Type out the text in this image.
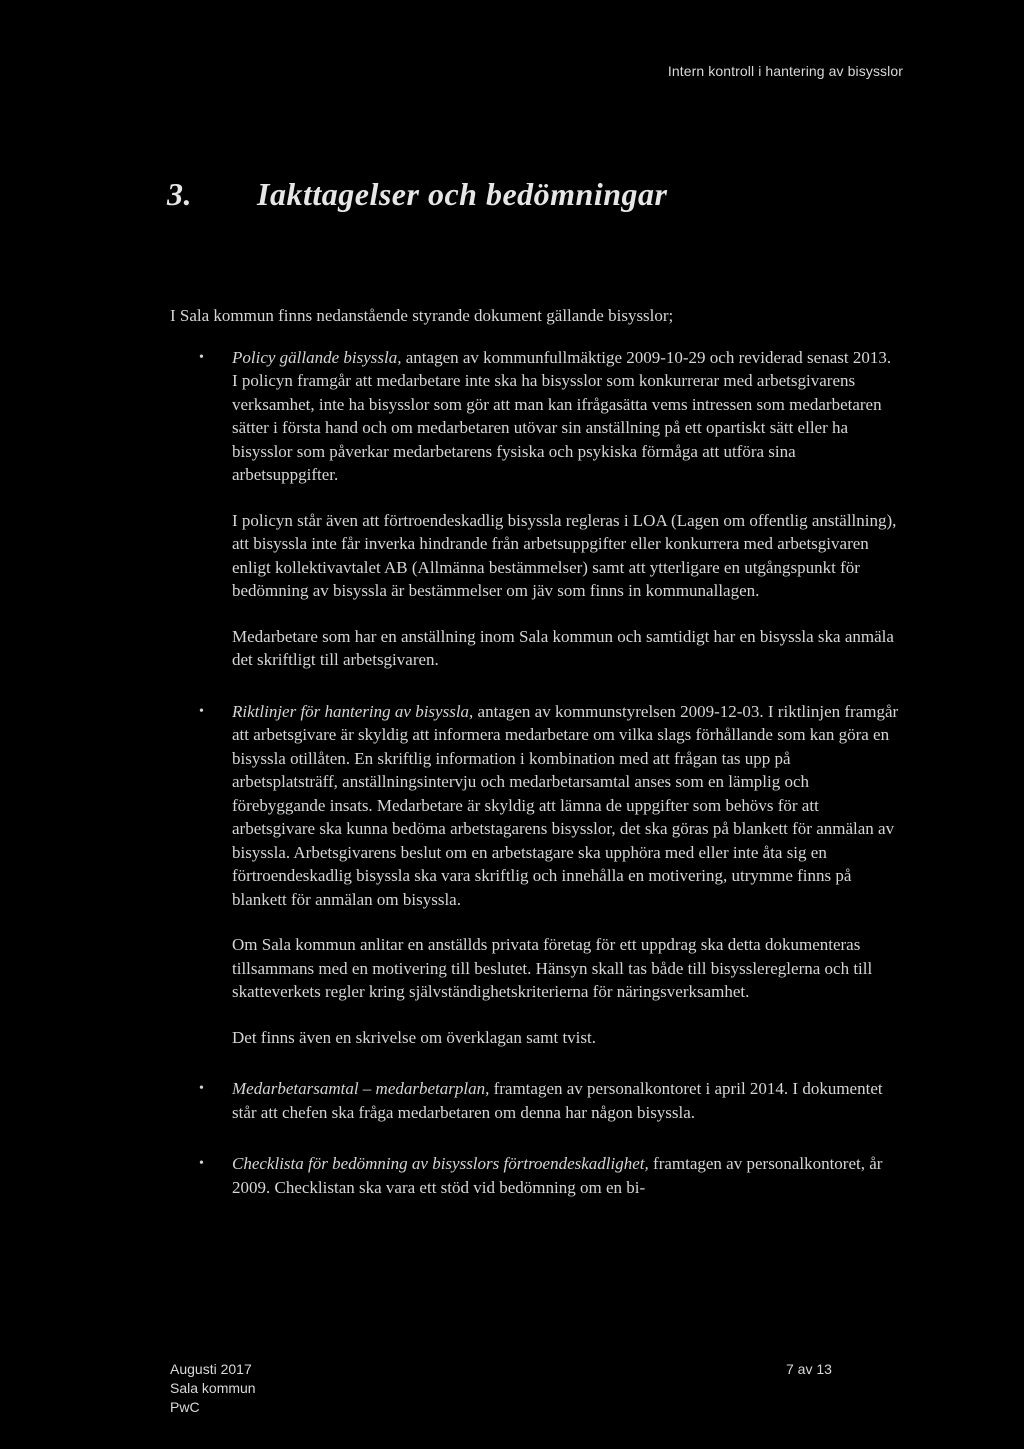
Intern kontroll i hantering av bisysslor
3. Iakttagelser och bedömningar

I Sala kommun finns nedanstående styrande dokument gällande bisysslor;

• Policy gällande bisyssla, antagen av kommunfullmäktige 2009-10-29 och reviderad senast 2013. I policyn framgår att medarbetare inte ska ha bisysslor som konkurrerar med arbetsgivarens verksamhet, inte ha bisysslor som gör att man kan ifrågasätta vems intressen som medarbetaren sätter i första hand och om medarbetaren utövar sin anställning på ett opartiskt sätt eller ha bisysslor som påverkar medarbetarens fysiska och psykiska förmåga att utföra sina arbetsuppgifter.

I policyn står även att förtroendeskadlig bisyssla regleras i LOA (Lagen om offentlig anställning), att bisyssla inte får inverka hindrande från arbetsuppgifter eller konkurrera med arbetsgivaren enligt kollektivavtalet AB (Allmänna bestämmelser) samt att ytterligare en utgångspunkt för bedömning av bisyssla är bestämmelser om jäv som finns in kommunallagen.

Medarbetare som har en anställning inom Sala kommun och samtidigt har en bisyssla ska anmäla det skriftligt till arbetsgivaren.

• Riktlinjer för hantering av bisyssla, antagen av kommunstyrelsen 2009-12-03. I riktlinjen framgår att arbetsgivare är skyldig att informera medarbetare om vilka slags förhållande som kan göra en bisyssla otillåten. En skriftlig information i kombination med att frågan tas upp på arbetsplatsträff, anställningsintervju och medarbetarsamtal anses som en lämplig och förebyggande insats. Medarbetare är skyldig att lämna de uppgifter som behövs för att arbetsgivare ska kunna bedöma arbetstagarens bisysslor, det ska göras på blankett för anmälan av bisyssla. Arbetsgivarens beslut om en arbetstagare ska upphöra med eller inte åta sig en förtroendeskadlig bisyssla ska vara skriftlig och innehålla en motivering, utrymme finns på blankett för anmälan om bisyssla.

Om Sala kommun anlitar en anställds privata företag för ett uppdrag ska detta dokumenteras tillsammans med en motivering till beslutet. Hänsyn skall tas både till bisysslereglerna och till skatteverkets regler kring självständighetskriterierna för näringsverksamhet.

Det finns även en skrivelse om överklagan samt tvist.

• Medarbetarsamtal – medarbetarplan, framtagen av personalkontoret i april 2014. I dokumentet står att chefen ska fråga medarbetaren om denna har någon bisyssla.

• Checklista för bedömning av bisysslors förtroendeskadlighet, framtagen av personalkontoret, år 2009. Checklistan ska vara ett stöd vid bedömning om en bi-

Augusti 2017
Sala kommun
PwC
7 av 13
